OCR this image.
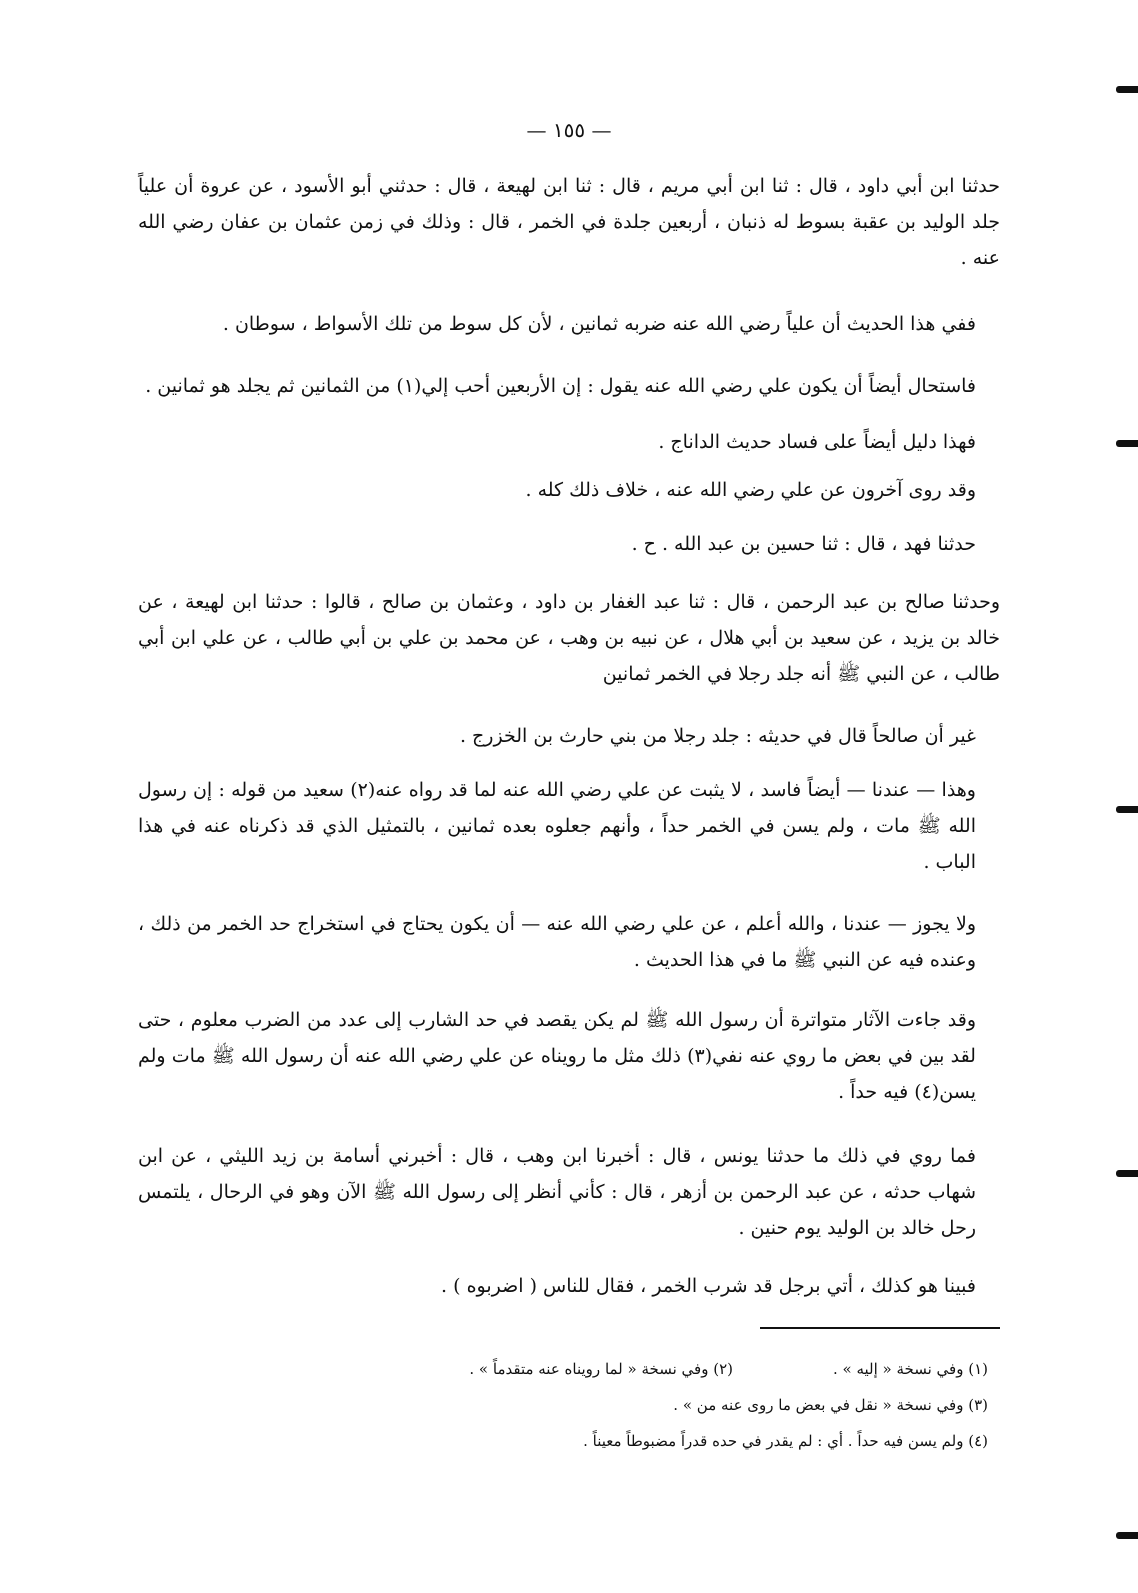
— ١٥٥ —
حدثنا ابن أبي داود ، قال : ثنا ابن أبي مريم ، قال : ثنا ابن لهيعة ، قال : حدثني أبو الأسود ، عن عروة أن علياً جلد الوليد بن عقبة بسوط له ذنبان ، أربعين جلدة في الخمر ، قال : وذلك في زمن عثمان بن عفان رضي الله عنه .
ففي هذا الحديث أن علياً رضي الله عنه ضربه ثمانين ، لأن كل سوط من تلك الأسواط ، سوطان .
فاستحال أيضاً أن يكون علي رضي الله عنه يقول : إن الأربعين أحب إلي(١) من الثمانين ثم يجلد هو ثمانين .
فهذا دليل أيضاً على فساد حديث الداناج .
وقد روى آخرون عن علي رضي الله عنه ، خلاف ذلك كله .
حدثنا فهد ، قال : ثنا حسين بن عبد الله . ح .
وحدثنا صالح بن عبد الرحمن ، قال : ثنا عبد الغفار بن داود ، وعثمان بن صالح ، قالوا : حدثنا ابن لهيعة ، عن خالد بن يزيد ، عن سعيد بن أبي هلال ، عن نبيه بن وهب ، عن محمد بن علي بن أبي طالب ، عن علي ابن أبي طالب ، عن النبي ﷺ أنه جلد رجلا في الخمر ثمانين
غير أن صالحاً قال في حديثه : جلد رجلا من بني حارث بن الخزرج .
وهذا — عندنا — أيضاً فاسد ، لا يثبت عن علي رضي الله عنه لما قد رواه عنه(٢) سعيد من قوله : إن رسول الله ﷺ مات ، ولم يسن في الخمر حداً ، وأنهم جعلوه بعده ثمانين ، بالتمثيل الذي قد ذكرناه عنه في هذا الباب .
ولا يجوز — عندنا ، والله أعلم ، عن علي رضي الله عنه — أن يكون يحتاج في استخراج حد الخمر من ذلك ، وعنده فيه عن النبي ﷺ ما في هذا الحديث .
وقد جاءت الآثار متواترة أن رسول الله ﷺ لم يكن يقصد في حد الشارب إلى عدد من الضرب معلوم ، حتى لقد بين في بعض ما روي عنه نفي(٣) ذلك مثل ما رويناه عن علي رضي الله عنه أن رسول الله ﷺ مات ولم يسن(٤) فيه حداً .
فما روي في ذلك ما حدثنا يونس ، قال : أخبرنا ابن وهب ، قال : أخبرني أسامة بن زيد الليثي ، عن ابن شهاب حدثه ، عن عبد الرحمن بن أزهر ، قال : كأني أنظر إلى رسول الله ﷺ الآن وهو في الرحال ، يلتمس رحل خالد بن الوليد يوم حنين .
فبينا هو كذلك ، أتي برجل قد شرب الخمر ، فقال للناس ( اضربوه ) .
(١) وفي نسخة « إليه » .
(٢) وفي نسخة « لما رويناه عنه متقدماً » .
(٣) وفي نسخة « نقل في بعض ما روى عنه من » .
(٤) ولم يسن فيه حداً . أي : لم يقدر في حده قدراً مضبوطاً معيناً .
